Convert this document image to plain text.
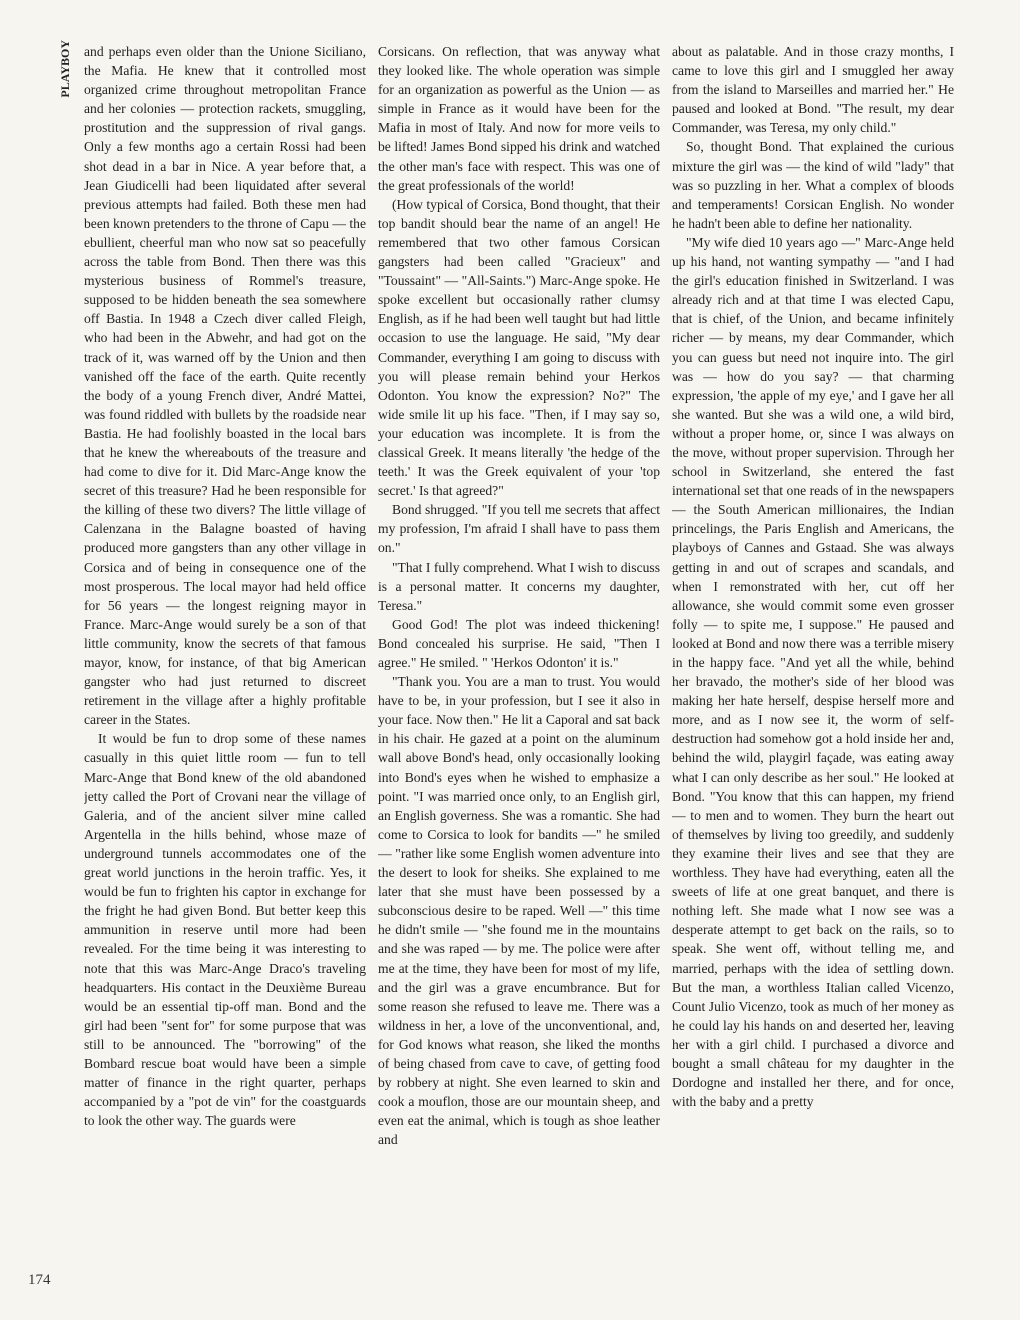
PLAYBOY and perhaps even older than the Unione Siciliano, the Mafia. He knew that it controlled most organized crime throughout metropolitan France and her colonies — protection rackets, smuggling, prostitution and the suppression of rival gangs. Only a few months ago a certain Rossi had been shot dead in a bar in Nice. A year before that, a Jean Giudicelli had been liquidated after several previous attempts had failed. Both these men had been known pretenders to the throne of Capu — the ebullient, cheerful man who now sat so peacefully across the table from Bond. Then there was this mysterious business of Rommel's treasure, supposed to be hidden beneath the sea somewhere off Bastia. In 1948 a Czech diver called Fleigh, who had been in the Abwehr, and had got on the track of it, was warned off by the Union and then vanished off the face of the earth. Quite recently the body of a young French diver, André Mattei, was found riddled with bullets by the roadside near Bastia. He had foolishly boasted in the local bars that he knew the whereabouts of the treasure and had come to dive for it. Did Marc-Ange know the secret of this treasure? Had he been responsible for the killing of these two divers? The little village of Calenzana in the Balagne boasted of having produced more gangsters than any other village in Corsica and of being in consequence one of the most prosperous. The local mayor had held office for 56 years — the longest reigning mayor in France. Marc-Ange would surely be a son of that little community, know the secrets of that famous mayor, know, for instance, of that big American gangster who had just returned to discreet retirement in the village after a highly profitable career in the States.

It would be fun to drop some of these names casually in this quiet little room — fun to tell Marc-Ange that Bond knew of the old abandoned jetty called the Port of Crovani near the village of Galeria, and of the ancient silver mine called Argentella in the hills behind, whose maze of underground tunnels accommodates one of the great world junctions in the heroin traffic. Yes, it would be fun to frighten his captor in exchange for the fright he had given Bond. But better keep this ammunition in reserve until more had been revealed. For the time being it was interesting to note that this was Marc-Ange Draco's traveling headquarters. His contact in the Deuxième Bureau would be an essential tip-off man. Bond and the girl had been "sent for" for some purpose that was still to be announced. The "borrowing" of the Bombard rescue boat would have been a simple matter of finance in the right quarter, perhaps accompanied by a "pot de vin" for the coastguards to look the other way. The guards were

Corsicans. On reflection, that was anyway what they looked like. The whole operation was simple for an organization as powerful as the Union — as simple in France as it would have been for the Mafia in most of Italy. And now for more veils to be lifted! James Bond sipped his drink and watched the other man's face with respect. This was one of the great professionals of the world!

(How typical of Corsica, Bond thought, that their top bandit should bear the name of an angel! He remembered that two other famous Corsican gangsters had been called "Gracieux" and "Toussaint" — "All-Saints.") Marc-Ange spoke. He spoke excellent but occasionally rather clumsy English, as if he had been well taught but had little occasion to use the language. He said, "My dear Commander, everything I am going to discuss with you will please remain behind your Herkos Odonton. You know the expression? No?" The wide smile lit up his face. "Then, if I may say so, your education was incomplete. It is from the classical Greek. It means literally 'the hedge of the teeth.' It was the Greek equivalent of your 'top secret.' Is that agreed?"

Bond shrugged. "If you tell me secrets that affect my profession, I'm afraid I shall have to pass them on."

"That I fully comprehend. What I wish to discuss is a personal matter. It concerns my daughter, Teresa."

Good God! The plot was indeed thickening! Bond concealed his surprise. He said, "Then I agree." He smiled. " 'Herkos Odonton' it is."

"Thank you. You are a man to trust. You would have to be, in your profession, but I see it also in your face. Now then." He lit a Caporal and sat back in his chair. He gazed at a point on the aluminum wall above Bond's head, only occasionally looking into Bond's eyes when he wished to emphasize a point. "I was married once only, to an English girl, an English governess. She was a romantic. She had come to Corsica to look for bandits —" he smiled — "rather like some English women adventure into the desert to look for sheiks. She explained to me later that she must have been possessed by a subconscious desire to be raped. Well —" this time he didn't smile — "she found me in the mountains and she was raped — by me. The police were after me at the time, they have been for most of my life, and the girl was a grave encumbrance. But for some reason she refused to leave me. There was a wildness in her, a love of the unconventional, and, for God knows what reason, she liked the months of being chased from cave to cave, of getting food by robbery at night. She even learned to skin and cook a mouflon, those are our mountain sheep, and even eat the animal, which is tough as shoe leather and

about as palatable. And in those crazy months, I came to love this girl and I smuggled her away from the island to Marseilles and married her." He paused and looked at Bond. "The result, my dear Commander, was Teresa, my only child."

So, thought Bond. That explained the curious mixture the girl was — the kind of wild "lady" that was so puzzling in her. What a complex of bloods and temperaments! Corsican English. No wonder he hadn't been able to define her nationality.

"My wife died 10 years ago —" Marc-Ange held up his hand, not wanting sympathy — "and I had the girl's education finished in Switzerland. I was already rich and at that time I was elected Capu, that is chief, of the Union, and became infinitely richer — by means, my dear Commander, which you can guess but need not inquire into. The girl was — how do you say? — that charming expression, 'the apple of my eye,' and I gave her all she wanted. But she was a wild one, a wild bird, without a proper home, or, since I was always on the move, without proper supervision. Through her school in Switzerland, she entered the fast international set that one reads of in the newspapers — the South American millionaires, the Indian princelings, the Paris English and Americans, the playboys of Cannes and Gstaad. She was always getting in and out of scrapes and scandals, and when I remonstrated with her, cut off her allowance, she would commit some even grosser folly — to spite me, I suppose." He paused and looked at Bond and now there was a terrible misery in the happy face. "And yet all the while, behind her bravado, the mother's side of her blood was making her hate herself, despise herself more and more, and as I now see it, the worm of self-destruction had somehow got a hold inside her and, behind the wild, playgirl façade, was eating away what I can only describe as her soul." He looked at Bond. "You know that this can happen, my friend — to men and to women. They burn the heart out of themselves by living too greedily, and suddenly they examine their lives and see that they are worthless. They have had everything, eaten all the sweets of life at one great banquet, and there is nothing left. She made what I now see was a desperate attempt to get back on the rails, so to speak. She went off, without telling me, and married, perhaps with the idea of settling down. But the man, a worthless Italian called Vicenzo, Count Julio Vicenzo, took as much of her money as he could lay his hands on and deserted her, leaving her with a girl child. I purchased a divorce and bought a small château for my daughter in the Dordogne and installed her there, and for once, with the baby and a pretty

174
